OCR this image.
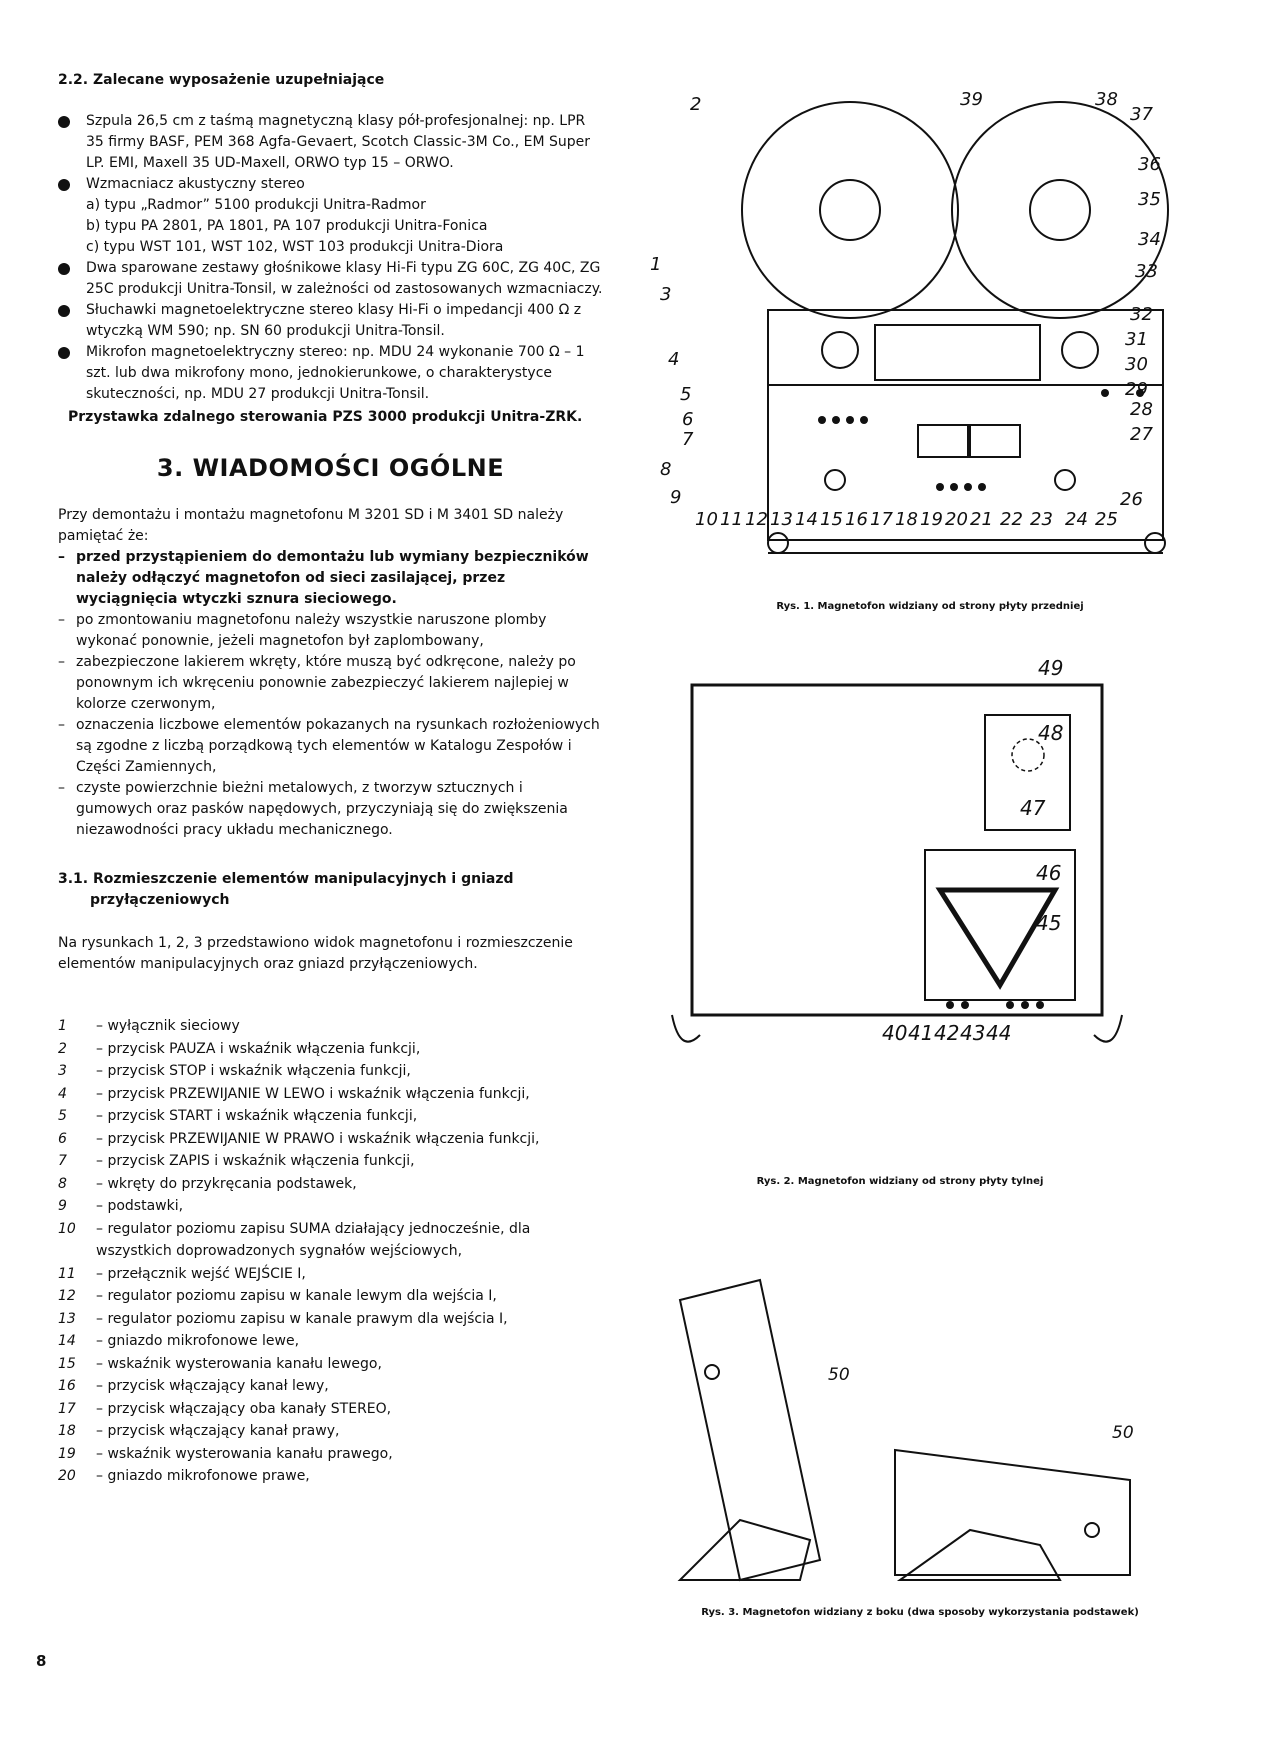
2.2. Zalecane wyposażenie uzupełniające
Szpula 26,5 cm z taśmą magnetyczną klasy pół-profesjonalnej: np. LPR 35 firmy BASF, PEM 368 Agfa-Gevaert, Scotch Classic-3M Co., EM Super LP. EMI, Maxell 35 UD-Maxell, ORWO typ 15 – ORWO.
Wzmacniacz akustyczny stereo
a) typu „Radmor” 5100 produkcji Unitra-Radmor
b) typu PA 2801, PA 1801, PA 107 produkcji Unitra-Fonica
c) typu WST 101, WST 102, WST 103 produkcji Unitra-Diora
Dwa sparowane zestawy głośnikowe klasy Hi-Fi typu ZG 60C, ZG 40C, ZG 25C produkcji Unitra-Tonsil, w zależności od zastosowanych wzmacniaczy.
Słuchawki magnetoelektryczne stereo klasy Hi-Fi o impedancji 400 Ω z wtyczką WM 590; np. SN 60 produkcji Unitra-Tonsil.
Mikrofon magnetoelektryczny stereo: np. MDU 24 wykonanie 700 Ω – 1 szt. lub dwa mikrofony mono, jednokierunkowe, o charakterystyce skuteczności, np. MDU 27 produkcji Unitra-Tonsil.
Przystawka zdalnego sterowania PZS 3000 produkcji Unitra-ZRK.
3. WIADOMOŚCI OGÓLNE

Przy demontażu i montażu magnetofonu M 3201 SD i M 3401 SD należy pamiętać że:

– przed przystąpieniem do demontażu lub wymiany bezpieczników należy odłączyć magnetofon od sieci zasilającej, przez wyciągnięcia wtyczki sznura sieciowego.
– po zmontowaniu magnetofonu należy wszystkie naruszone plomby wykonać ponownie, jeżeli magnetofon był zaplombowany,
– zabezpieczone lakierem wkręty, które muszą być odkręcone, należy po ponownym ich wkręceniu ponownie zabezpieczyć lakierem najlepiej w kolorze czerwonym,
– oznaczenia liczbowe elementów pokazanych na rysunkach rozłożeniowych są zgodne z liczbą porządkową tych elementów w Katalogu Zespołów i Części Zamiennych,
– czyste powierzchnie bieżni metalowych, z tworzyw sztucznych i gumowych oraz pasków napędowych, przyczyniają się do zwiększenia niezawodności pracy układu mechanicznego.
3.1. Rozmieszczenie elementów manipulacyjnych i gniazd przyłączeniowych

Na rysunkach 1, 2, 3 przedstawiono widok magnetofonu i rozmieszczenie elementów manipulacyjnych oraz gniazd przyłączeniowych.

1 – wyłącznik sieciowy
2 – przycisk PAUZA i wskaźnik włączenia funkcji,
3 – przycisk STOP i wskaźnik włączenia funkcji,
4 – przycisk PRZEWIJANIE W LEWO i wskaźnik włączenia funkcji,
5 – przycisk START i wskaźnik włączenia funkcji,
6 – przycisk PRZEWIJANIE W PRAWO i wskaźnik włączenia funkcji,
7 – przycisk ZAPIS i wskaźnik włączenia funkcji,
8 – wkręty do przykręcania podstawek,
9 – podstawki,
10 – regulator poziomu zapisu SUMA działający jednocześnie, dla wszystkich doprowadzonych sygnałów wejściowych,
11 – przełącznik wejść WEJŚCIE I,
12 – regulator poziomu zapisu w kanale lewym dla wejścia I,
13 – regulator poziomu zapisu w kanale prawym dla wejścia I,
14 – gniazdo mikrofonowe lewe,
15 – wskaźnik wysterowania kanału lewego,
16 – przycisk włączający kanał lewy,
17 – przycisk włączający oba kanały STEREO,
18 – przycisk włączający kanał prawy,
19 – wskaźnik wysterowania kanału prawego,
20 – gniazdo mikrofonowe prawe,
8
1
2
3
4
5
6
7
8
9
10 11 12 13 14 15 16 17 18 19 20 21 22 23 24 25
26
27
28
29
30
31
32
33
34
35
36
37
38
39
Rys. 1. Magnetofon widziany od strony płyty przedniej
40 41 42 43 44
45
46
47
48
49
Rys. 2. Magnetofon widziany od strony płyty tylnej
50
50
Rys. 3. Magnetofon widziany z boku (dwa sposoby wykorzystania podstawek)
